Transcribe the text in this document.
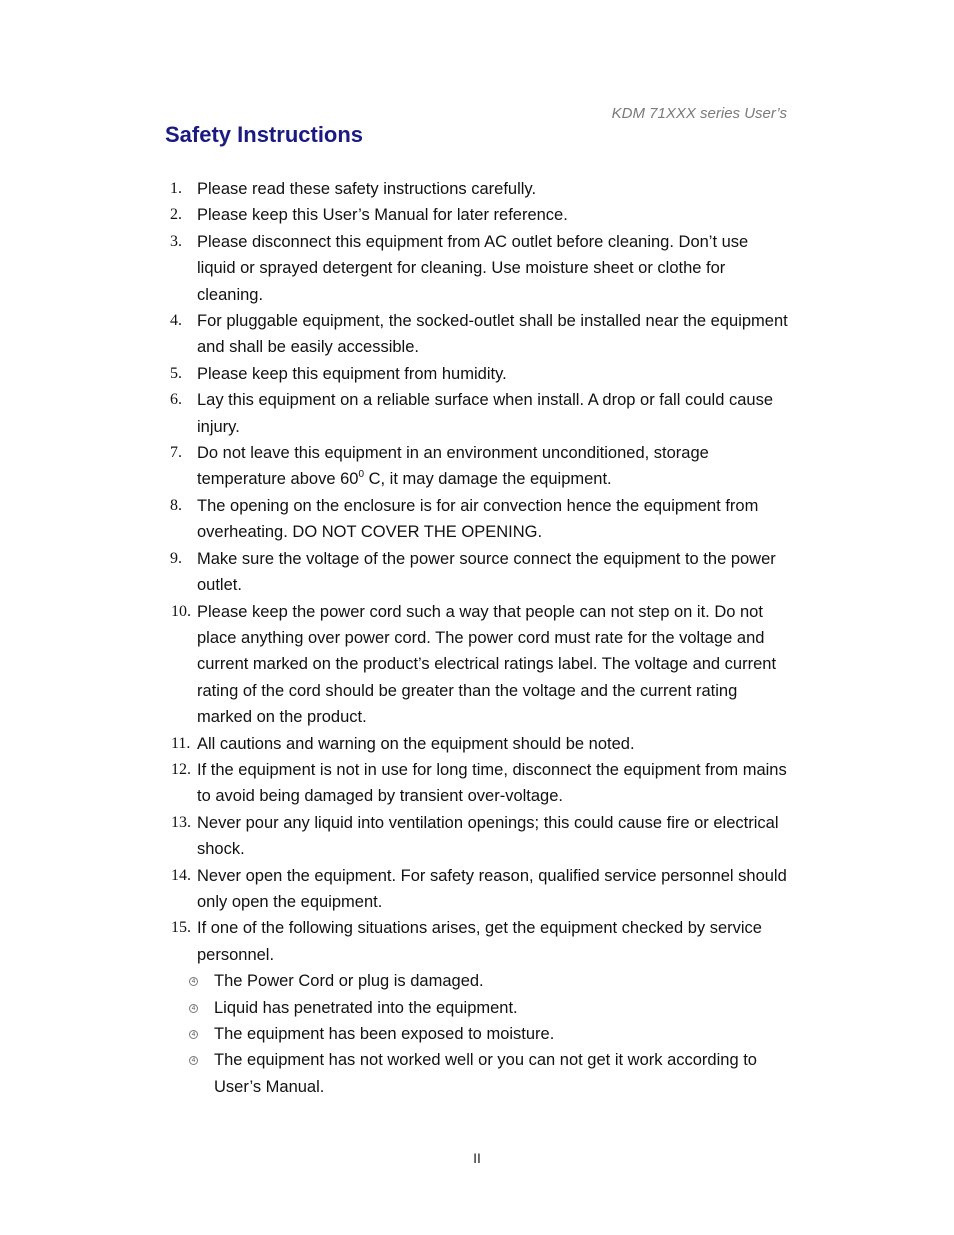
KDM 71XXX series User’s
Safety Instructions
1. Please read these safety instructions carefully.
2. Please keep this User’s Manual for later reference.
3. Please disconnect this equipment from AC outlet before cleaning. Don’t use liquid or sprayed detergent for cleaning. Use moisture sheet or clothe for cleaning.
4. For pluggable equipment, the socked-outlet shall be installed near the equipment and shall be easily accessible.
5. Please keep this equipment from humidity.
6. Lay this equipment on a reliable surface when install. A drop or fall could cause injury.
7. Do not leave this equipment in an environment unconditioned, storage temperature above $60^0$ C, it may damage the equipment.
8. The opening on the enclosure is for air convection hence the equipment from overheating. DO NOT COVER THE OPENING.
9. Make sure the voltage of the power source connect the equipment to the power outlet.
10. Please keep the power cord such a way that people can not step on it. Do not place anything over power cord. The power cord must rate for the voltage and current marked on the product’s electrical ratings label. The voltage and current rating of the cord should be greater than the voltage and the current rating marked on the product.
11. All cautions and warning on the equipment should be noted.
12. If the equipment is not in use for long time, disconnect the equipment from mains to avoid being damaged by transient over-voltage.
13. Never pour any liquid into ventilation openings; this could cause fire or electrical shock.
14. Never open the equipment. For safety reason, qualified service personnel should only open the equipment.
15. If one of the following situations arises, get the equipment checked by service personnel.
4 The Power Cord or plug is damaged.
4 Liquid has penetrated into the equipment.
4 The equipment has been exposed to moisture.
4 The equipment has not worked well or you can not get it work according to User’s Manual.
II
